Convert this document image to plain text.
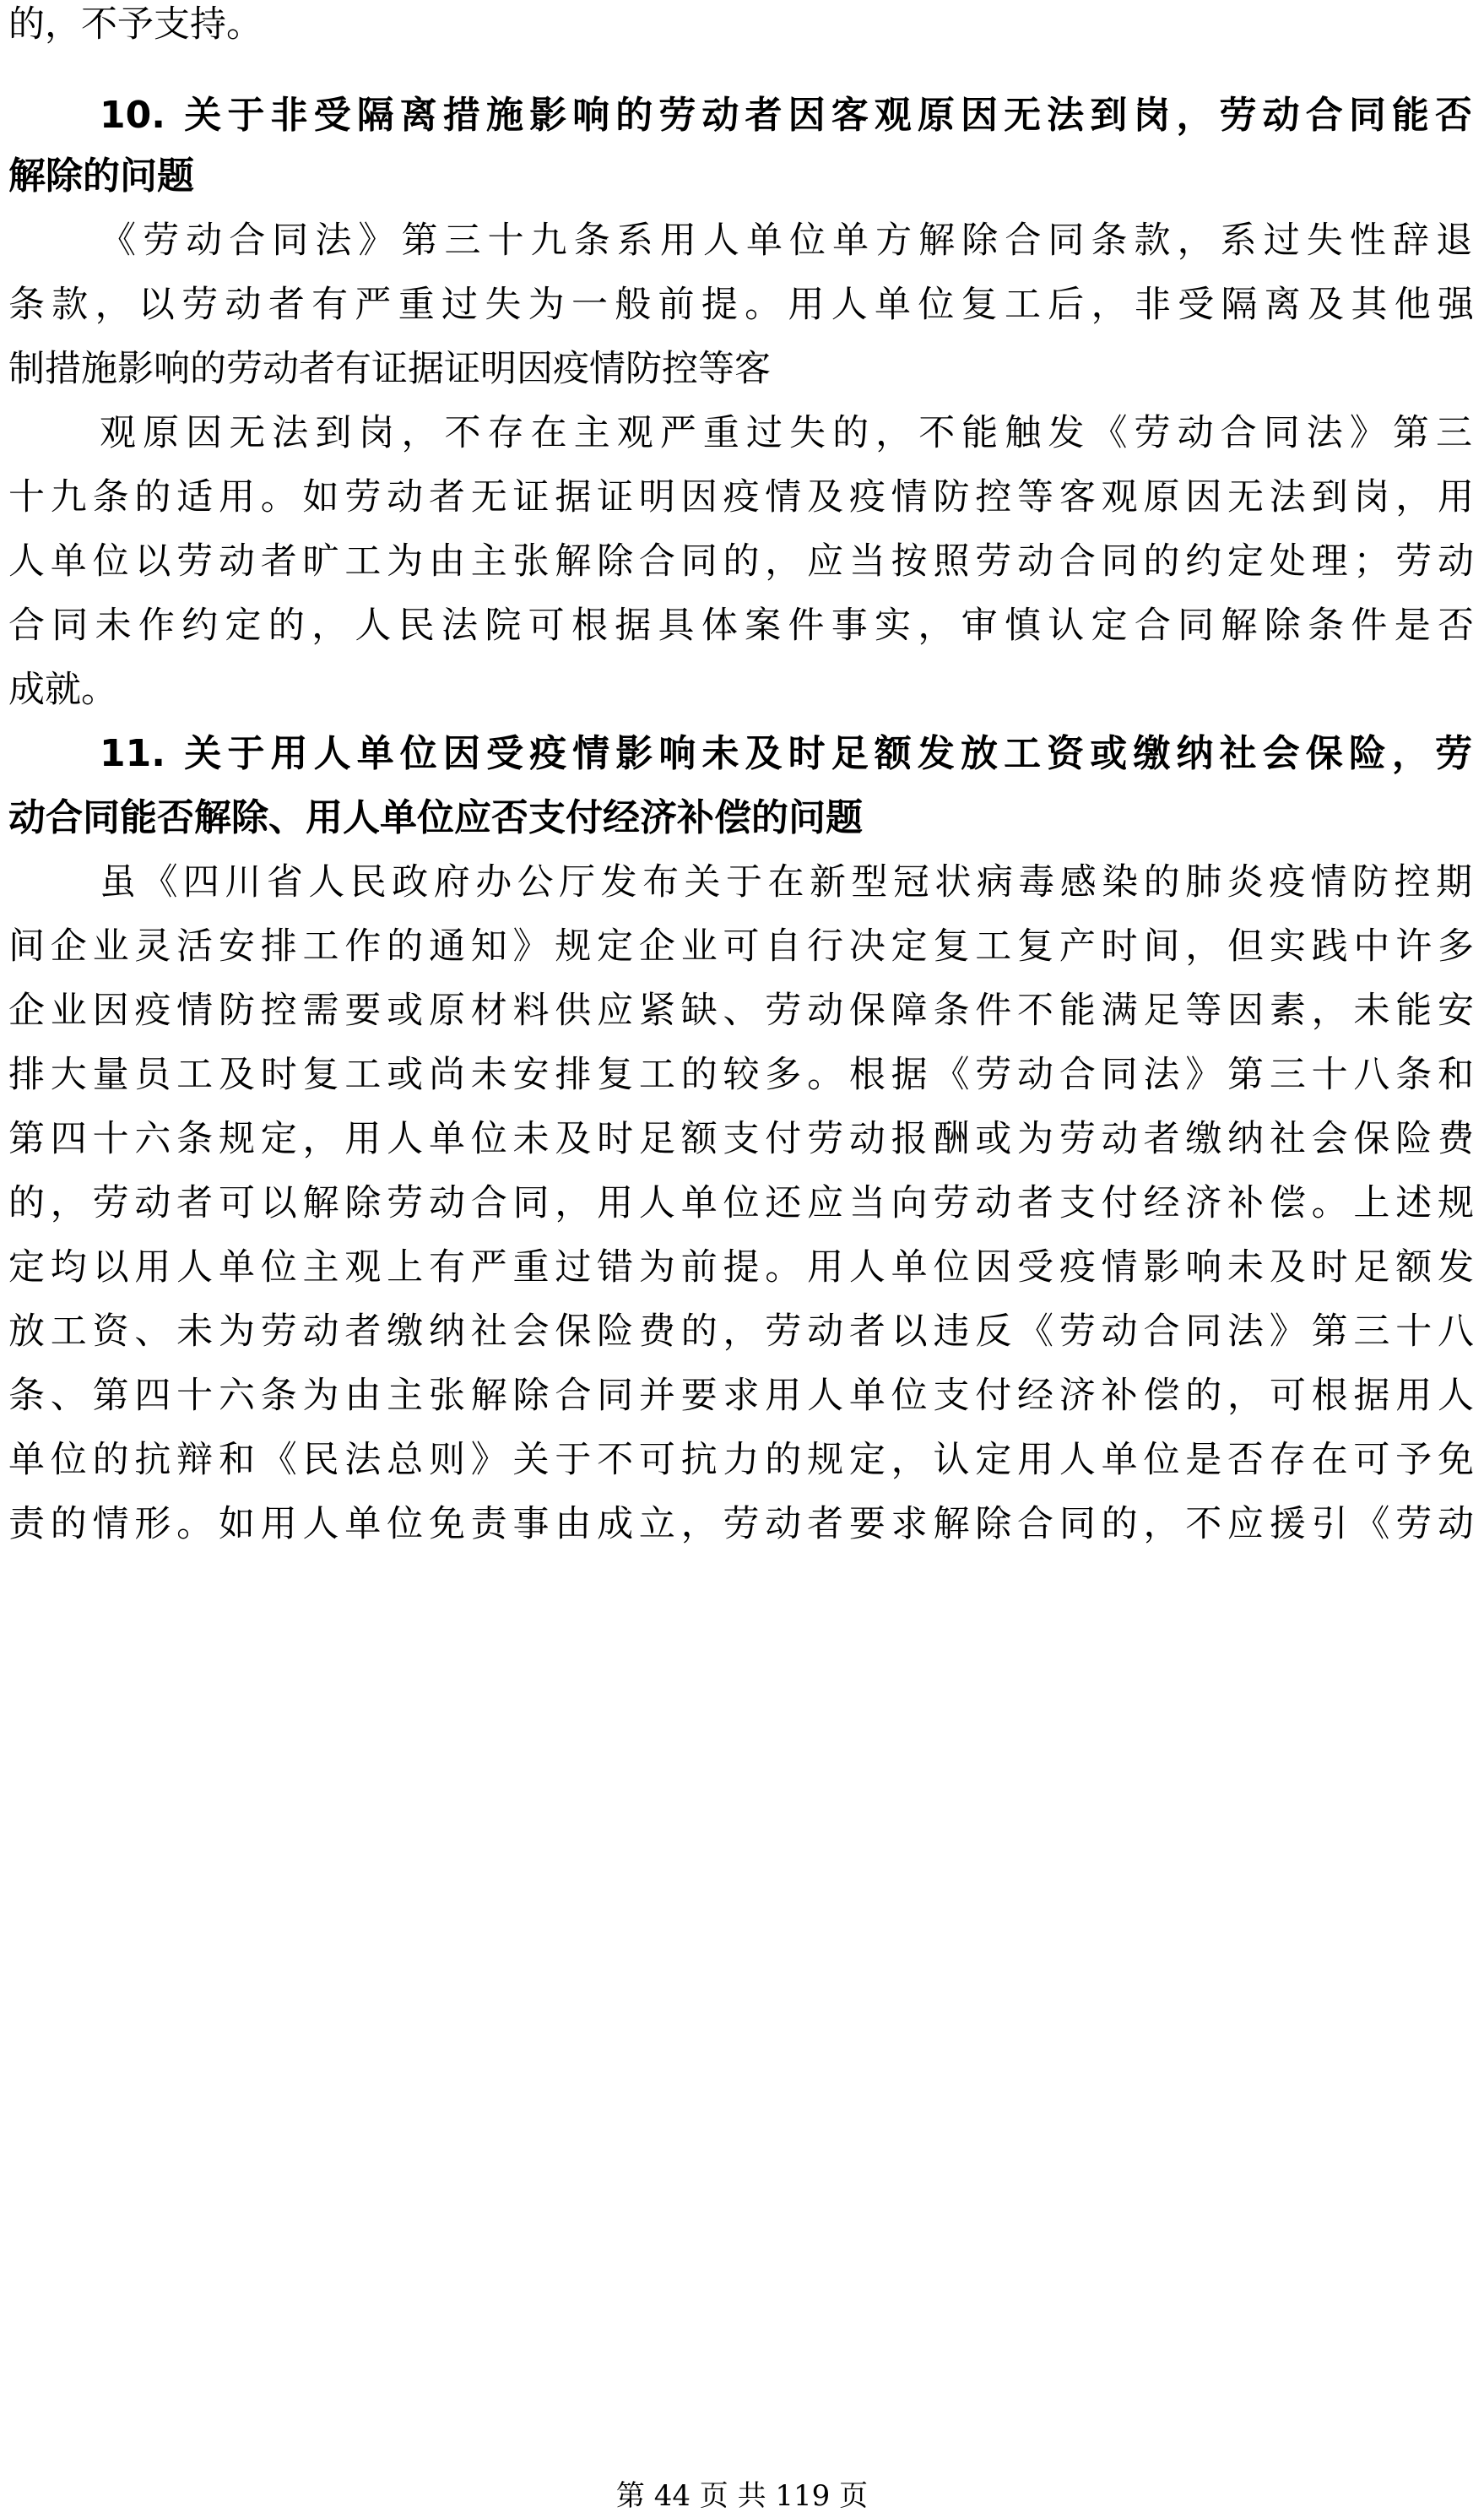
的，不予支持。
10. 关于非受隔离措施影响的劳动者因客观原因无法到岗，劳动合同能否
解除的问题
《劳动合同法》第三十九条系用人单位单方解除合同条款，系过失性辞退
条款，以劳动者有严重过失为一般前提。用人单位复工后，非受隔离及其他强
制措施影响的劳动者有证据证明因疫情防控等客
观原因无法到岗，不存在主观严重过失的，不能触发《劳动合同法》第三
十九条的适用。如劳动者无证据证明因疫情及疫情防控等客观原因无法到岗，用
人单位以劳动者旷工为由主张解除合同的，应当按照劳动合同的约定处理；劳动
合同未作约定的，人民法院可根据具体案件事实，审慎认定合同解除条件是否
成就。
11. 关于用人单位因受疫情影响未及时足额发放工资或缴纳社会保险，劳
动合同能否解除、用人单位应否支付经济补偿的问题
虽《四川省人民政府办公厅发布关于在新型冠状病毒感染的肺炎疫情防控期
间企业灵活安排工作的通知》规定企业可自行决定复工复产时间，但实践中许多
企业因疫情防控需要或原材料供应紧缺、劳动保障条件不能满足等因素，未能安
排大量员工及时复工或尚未安排复工的较多。根据《劳动合同法》第三十八条和
第四十六条规定，用人单位未及时足额支付劳动报酬或为劳动者缴纳社会保险费
的，劳动者可以解除劳动合同，用人单位还应当向劳动者支付经济补偿。上述规
定均以用人单位主观上有严重过错为前提。用人单位因受疫情影响未及时足额发
放工资、未为劳动者缴纳社会保险费的，劳动者以违反《劳动合同法》第三十八
条、第四十六条为由主张解除合同并要求用人单位支付经济补偿的，可根据用人
单位的抗辩和《民法总则》关于不可抗力的规定，认定用人单位是否存在可予免
责的情形。如用人单位免责事由成立，劳动者要求解除合同的，不应援引《劳动
第 44 页 共 119 页
